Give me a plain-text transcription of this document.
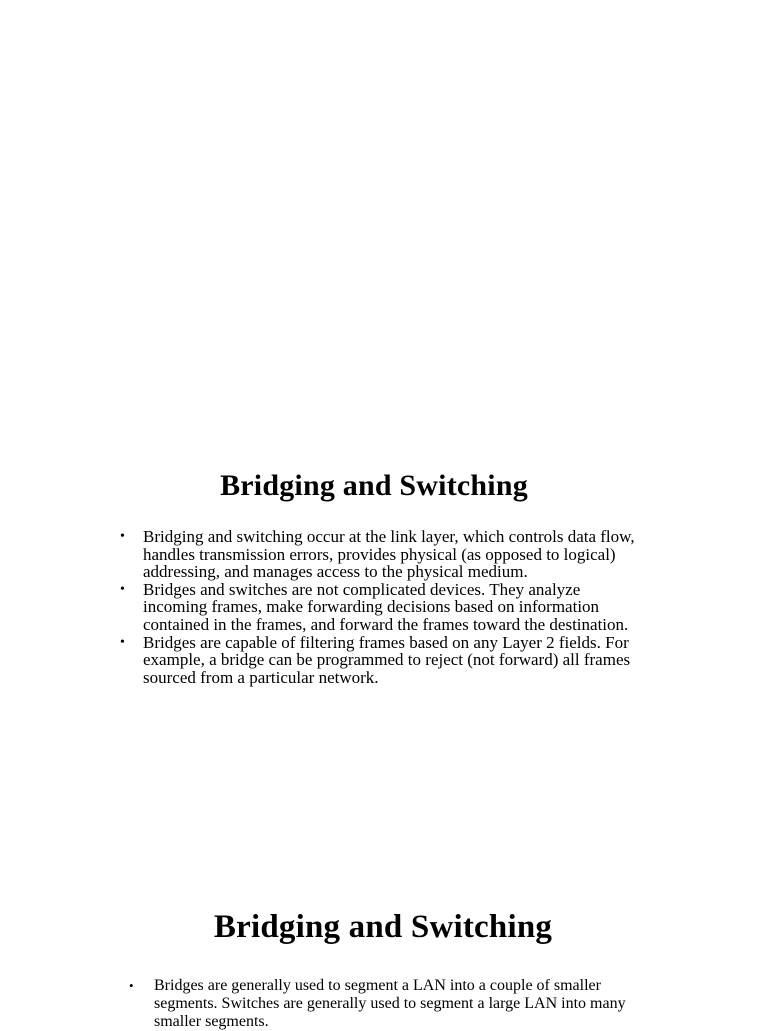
Bridging and Switching
• Bridging and switching occur at the link layer, which controls data flow, handles transmission errors, provides physical (as opposed to logical) addressing, and manages access to the physical medium.
• Bridges and switches are not complicated devices. They analyze incoming frames, make forwarding decisions based on information contained in the frames, and forward the frames toward the destination.
• Bridges are capable of filtering frames based on any Layer 2 fields. For example, a bridge can be programmed to reject (not forward) all frames sourced from a particular network.
Bridging and Switching
• Bridges are generally used to segment a LAN into a couple of smaller segments. Switches are generally used to segment a large LAN into many smaller segments.
